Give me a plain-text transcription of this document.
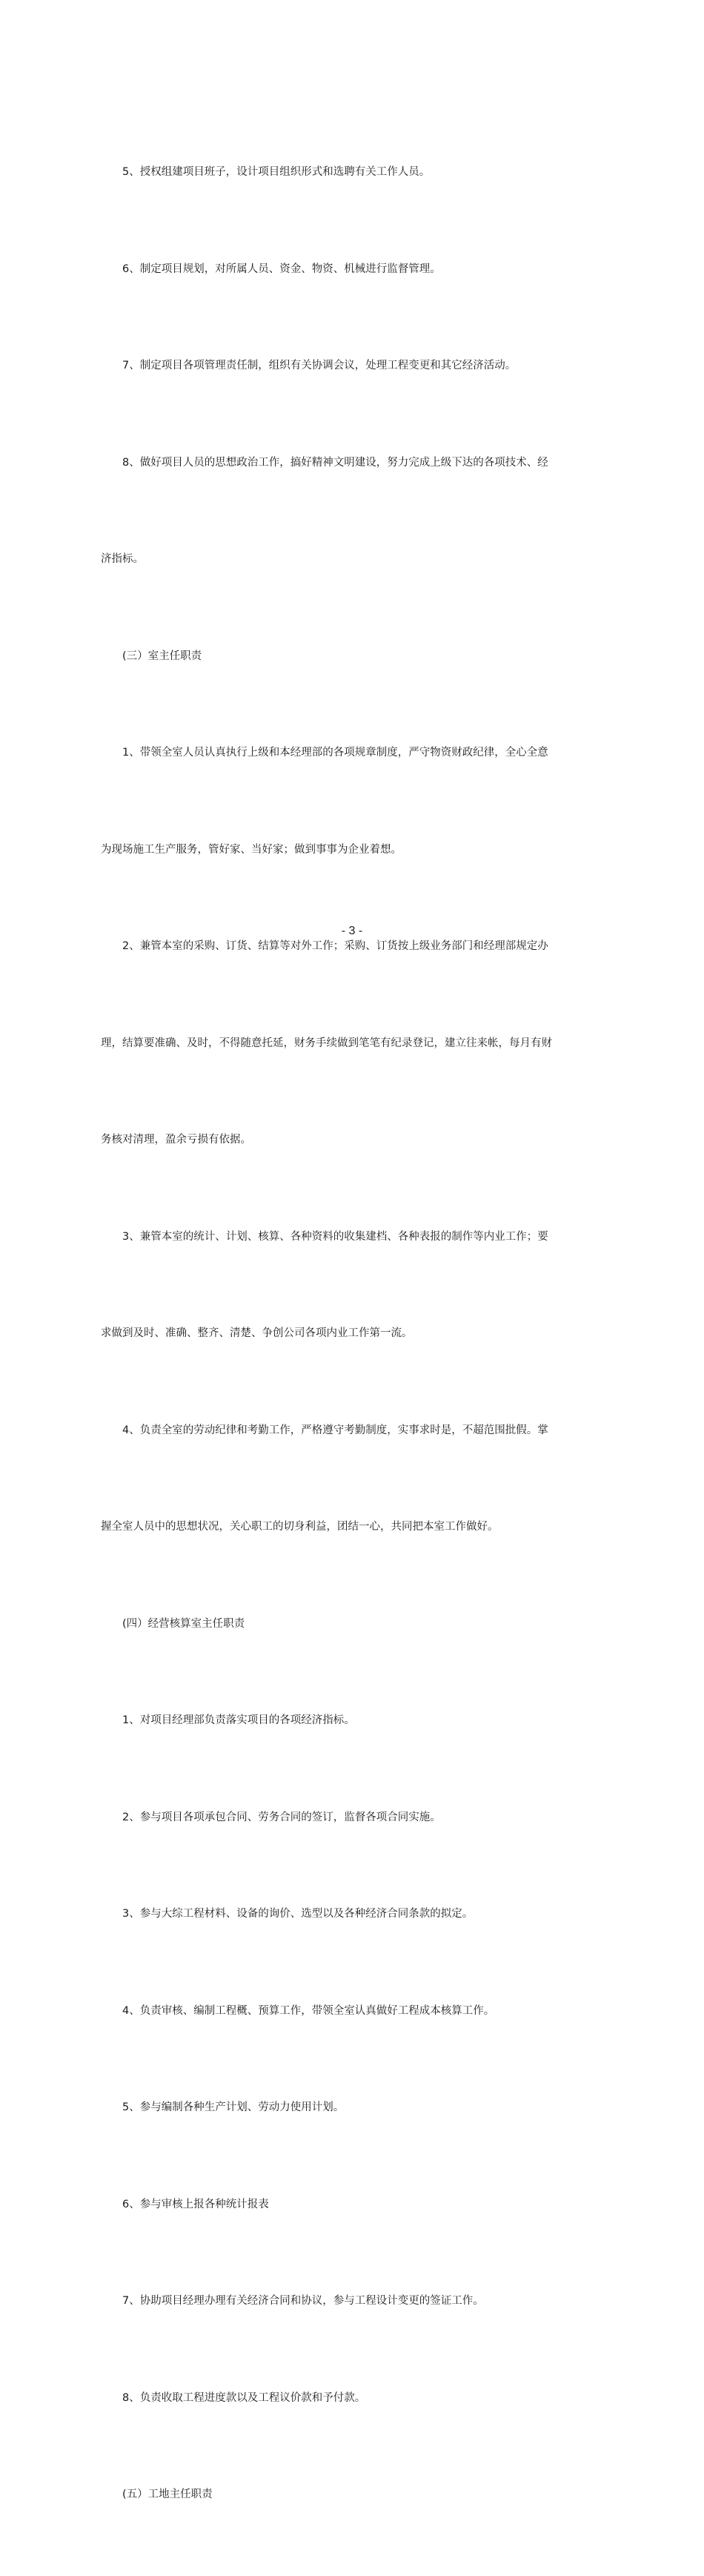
　　5、授权组建项目班子，设计项目组织形式和选聘有关工作人员。

　　6、制定项目规划，对所属人员、资金、物资、机械进行监督管理。

　　7、制定项目各项管理责任制，组织有关协调会议，处理工程变更和其它经济活动。

　　8、做好项目人员的思想政治工作，搞好精神文明建设，努力完成上级下达的各项技术、经

济指标。

　　(三）室主任职责

　　1、带领全室人员认真执行上级和本经理部的各项规章制度，严守物资财政纪律，全心全意

为现场施工生产服务，管好家、当好家；做到事事为企业着想。

　　2、兼管本室的采购、订货、结算等对外工作；采购、订货按上级业务部门和经理部规定办

理，结算要准确、及时，不得随意托延，财务手续做到笔笔有纪录登记，建立往来帐，每月有财

务核对清理，盈余亏损有依据。

　　3、兼管本室的统计、计划、核算、各种资料的收集建档、各种表报的制作等内业工作；要

求做到及时、准确、整齐、清楚、争创公司各项内业工作第一流。

　　4、负责全室的劳动纪律和考勤工作，严格遵守考勤制度，实事求时是，不超范围批假。掌

握全室人员中的思想状况，关心职工的切身利益，团结一心，共同把本室工作做好。

　　(四）经营核算室主任职责

　　1、对项目经理部负责落实项目的各项经济指标。

　　2、参与项目各项承包合同、劳务合同的签订，监督各项合同实施。

　　3、参与大综工程材料、设备的询价、选型以及各种经济合同条款的拟定。

　　4、负责审核、编制工程概、预算工作，带领全室认真做好工程成本核算工作。

　　5、参与编制各种生产计划、劳动力使用计划。

　　6、参与审核上报各种统计报表

　　7、协助项目经理办理有关经济合同和协议，参与工程设计变更的签证工作。

　　8、负责收取工程进度款以及工程议价款和予付款。

　　(五）工地主任职责

- 3 -
